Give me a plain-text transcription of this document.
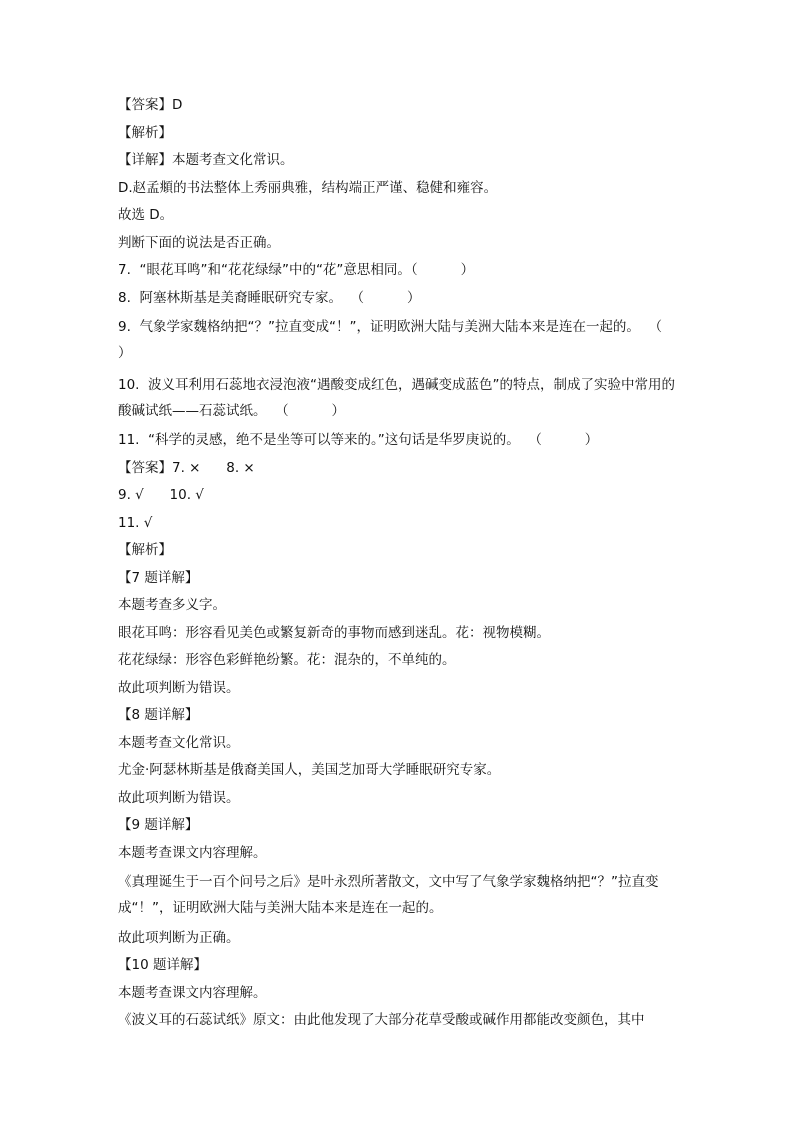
【答案】D
【解析】
【详解】本题考查文化常识。
D.赵孟頫的书法整体上秀丽典雅，结构端正严谨、稳健和雍容。
故选 D。
判断下面的说法是否正确。
7.  “眼花耳鸣”和“花花绿绿”中的“花”意思相同。（          ）
8.  阿塞林斯基是美裔睡眠研究专家。  （          ）
9.  气象学家魏格纳把“？”拉直变成“！”，证明欧洲大陆与美洲大陆本来是连在一起的。  （          ）
10.  波义耳利用石蕊地衣浸泡液“遇酸变成红色，遇碱变成蓝色”的特点，制成了实验中常用的酸碱试纸——石蕊试纸。  （          ）
11.  “科学的灵感，绝不是坐等可以等来的。”这句话是华罗庚说的。  （          ）
【答案】7. ×      8. ×
9. √      10. √
11. √
【解析】
【7 题详解】
本题考查多义字。
眼花耳鸣：形容看见美色或繁复新奇的事物而感到迷乱。花：视物模糊。
花花绿绿：形容色彩鲜艳纷繁。花：混杂的，不单纯的。
故此项判断为错误。
【8 题详解】
本题考查文化常识。
尤金·阿瑟林斯基是俄裔美国人，美国芝加哥大学睡眠研究专家。
故此项判断为错误。
【9 题详解】
本题考查课文内容理解。
《真理诞生于一百个问号之后》是叶永烈所著散文，文中写了气象学家魏格纳把“？”拉直变成“！”，证明欧洲大陆与美洲大陆本来是连在一起的。
故此项判断为正确。
【10 题详解】
本题考查课文内容理解。
《波义耳的石蕊试纸》原文：由此他发现了大部分花草受酸或碱作用都能改变颜色，其中
